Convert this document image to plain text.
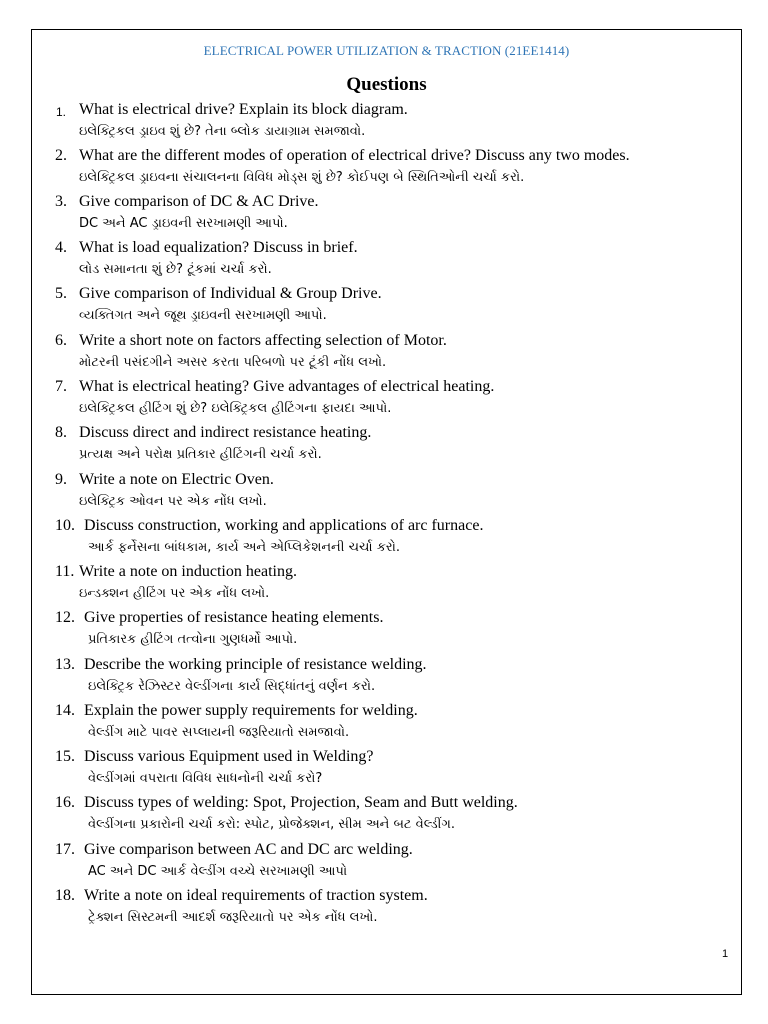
ELECTRICAL POWER UTILIZATION & TRACTION (21EE1414)
Questions
1. What is electrical drive? Explain its block diagram.
ઇલેક્ટ્રિકલ ડ્રાઇવ શું છે? તેના બ્લોક ડાયાગ્રામ સમજાવો.
2. What are the different modes of operation of electrical drive? Discuss any two modes.
ઇલેક્ટ્રિકલ ડ્રાઇવના સંચાલનના વિવિધ મોડ્સ શું છે? કોઈપણ બે સ્થિતિઓની ચર્ચા કરો.
3. Give comparison of DC & AC Drive.
DC અને AC ડ્રાઇવની સરખામણી આપો.
4. What is load equalization? Discuss in brief.
લોડ સમાનતા શું છે? ટૂંકમાં ચર્ચા કરો.
5. Give comparison of Individual & Group Drive.
વ્યક્તિગત અને જૂથ ડ્રાઇવની સરખામણી આપો.
6. Write a short note on factors affecting selection of Motor.
મોટરની પસંદગીને અસર કરતા પરિબળો પર ટૂંકી નોંધ લખો.
7. What is electrical heating? Give advantages of electrical heating.
ઇલેક્ટ્રિકલ હીટિંગ શું છે? ઇલેક્ટ્રિકલ હીટિંગના ફાયદા આપો.
8. Discuss direct and indirect resistance heating.
પ્રત્યક્ષ અને પરોક્ષ પ્રતિકાર હીટિંગની ચર્ચા કરો.
9. Write a note on Electric Oven.
ઇલેક્ટ્રિક ઓવન પર એક નોંધ લખો.
10. Discuss construction, working and applications of arc furnace.
આર્ક ફર્નેસના બાંધકામ, કાર્ય અને એપ્લિકેશનની ચર્ચા કરો.
11. Write a note on induction heating.
ઇન્ડક્શન હીટિંગ પર એક નોંધ લખો.
12. Give properties of resistance heating elements.
પ્રતિકારક હીટિંગ તત્વોના ગુણધર્મો આપો.
13. Describe the working principle of resistance welding.
ઇલેક્ટ્રિક રેઝિસ્ટર વેલ્ડીંગના કાર્ય સિદ્ધાંતનું વર્ણન કરો.
14. Explain the power supply requirements for welding.
વેલ્ડીંગ માટે પાવર સપ્લાયની જરૂરિયાતો સમજાવો.
15. Discuss various Equipment used in Welding?
વેલ્ડીંગમાં વપરાતા વિવિધ સાધનોની ચર્ચા કરો?
16. Discuss types of welding: Spot, Projection, Seam and Butt welding.
વેલ્ડીંગના પ્રકારોની ચર્ચા કરો: સ્પોટ, પ્રોજેક્શન, સીમ અને બટ વેલ્ડીંગ.
17. Give comparison between AC and DC arc welding.
AC અને DC આર્ક વેલ્ડીંગ વચ્ચે સરખામણી આપો
18. Write a note on ideal requirements of traction system.
ટ્રેક્શન સિસ્ટમની આદર્શ જરૂરિયાતો પર એક નોંધ લખો.
1
